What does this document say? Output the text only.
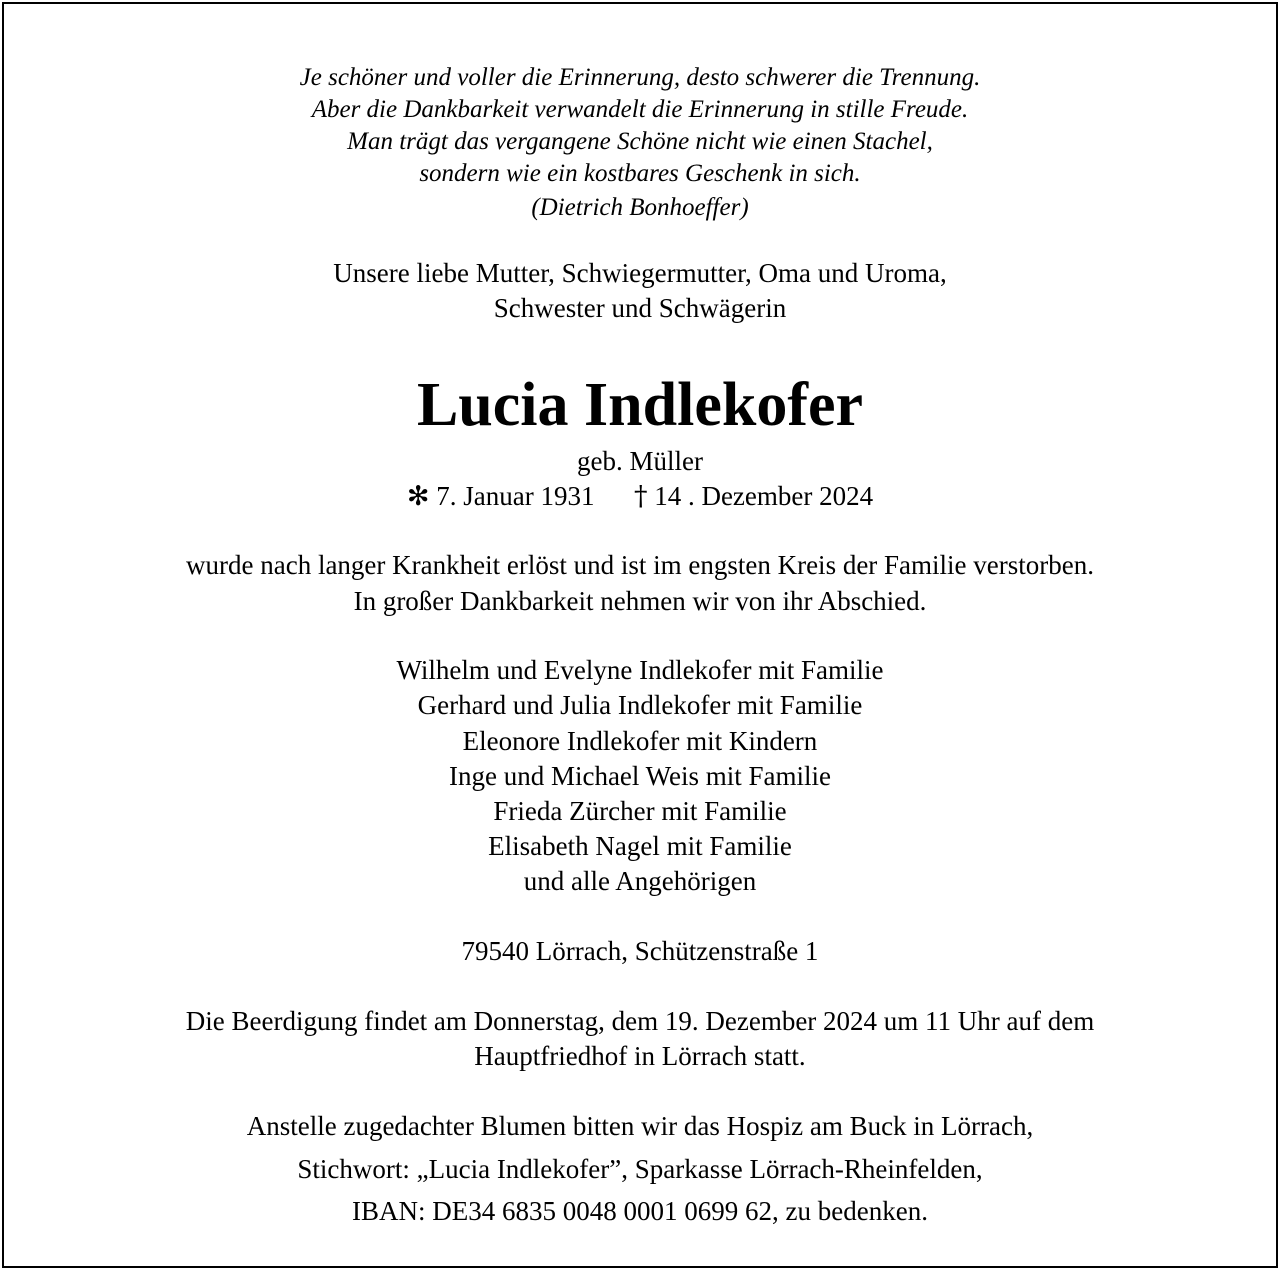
Je schöner und voller die Erinnerung, desto schwerer die Trennung.
Aber die Dankbarkeit verwandelt die Erinnerung in stille Freude.
Man trägt das vergangene Schöne nicht wie einen Stachel,
sondern wie ein kostbares Geschenk in sich.
(Dietrich Bonhoeffer)
Unsere liebe Mutter, Schwiegermutter, Oma und Uroma,
Schwester und Schwägerin
Lucia Indlekofer
geb. Müller
✻ 7. Januar 1931 † 14 . Dezember 2024
wurde nach langer Krankheit erlöst und ist im engsten Kreis der Familie verstorben.
In großer Dankbarkeit nehmen wir von ihr Abschied.
Wilhelm und Evelyne Indlekofer mit Familie
Gerhard und Julia Indlekofer mit Familie
Eleonore Indlekofer mit Kindern
Inge und Michael Weis mit Familie
Frieda Zürcher mit Familie
Elisabeth Nagel mit Familie
und alle Angehörigen
79540 Lörrach, Schützenstraße 1
Die Beerdigung findet am Donnerstag, dem 19. Dezember 2024 um 11 Uhr auf dem
Hauptfriedhof in Lörrach statt.
Anstelle zugedachter Blumen bitten wir das Hospiz am Buck in Lörrach,
Stichwort: „Lucia Indlekofer”, Sparkasse Lörrach-Rheinfelden,
IBAN: DE34 6835 0048 0001 0699 62, zu bedenken.
